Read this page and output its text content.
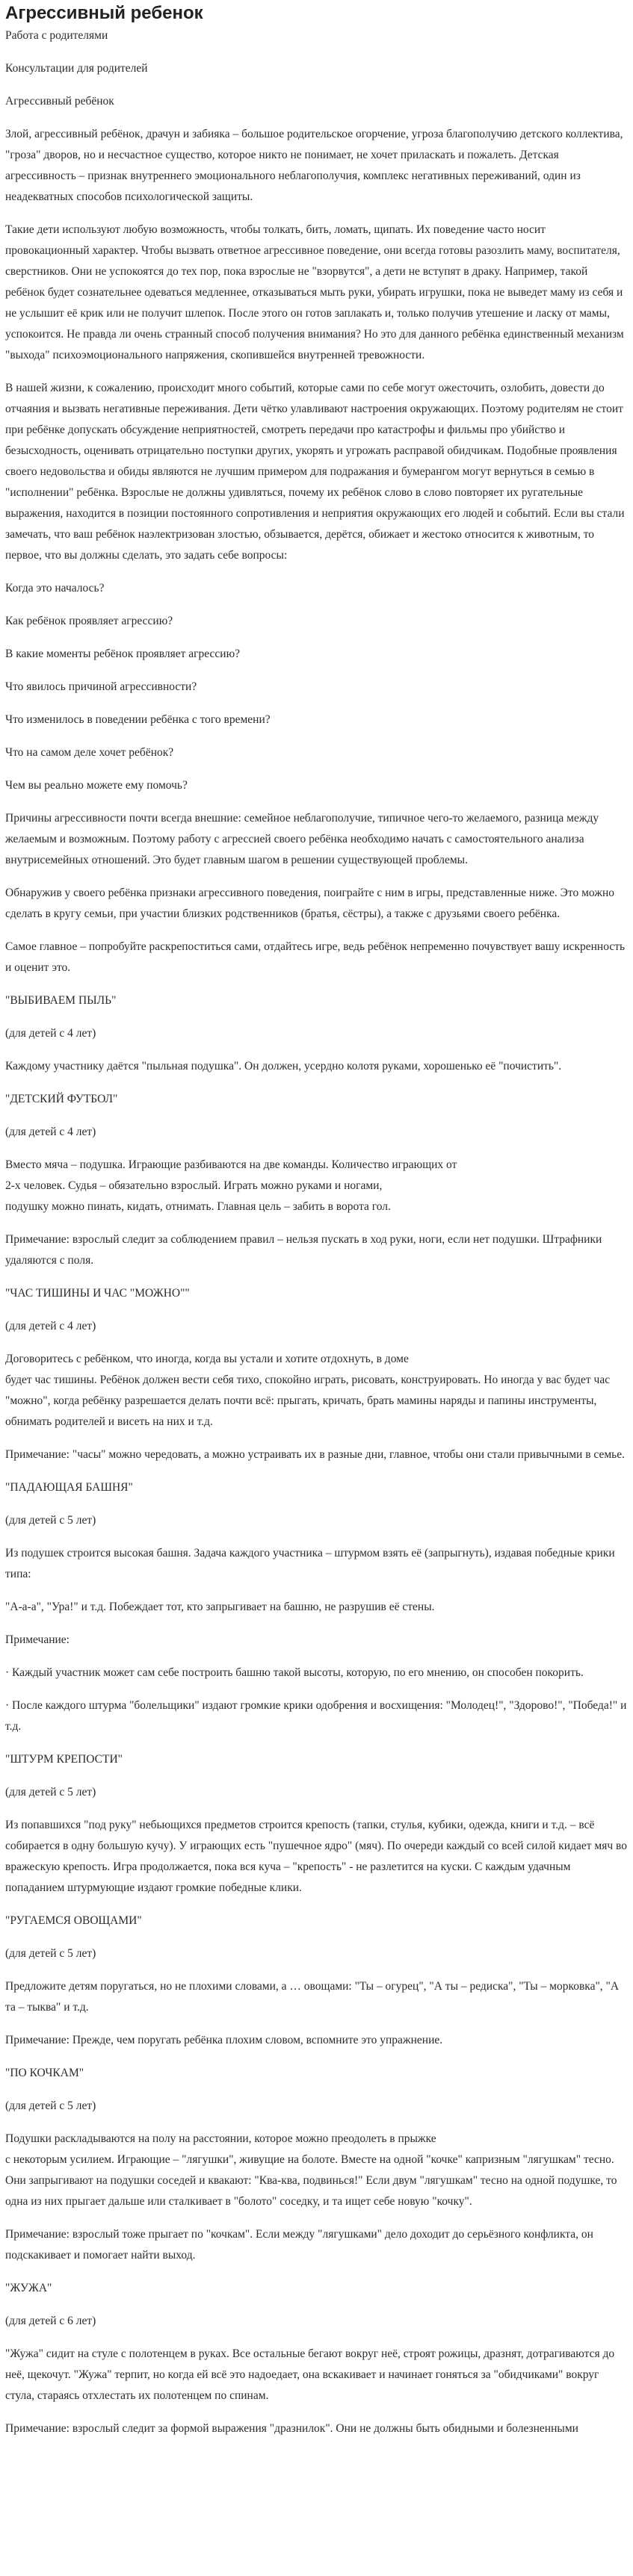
Агрессивный ребенок

Работа с родителями

Консультации для родителей

Агрессивный ребёнок

Злой, агрессивный ребёнок, драчун и забияка – большое родительское огорчение, угроза благополучию детского коллектива, "гроза" дворов, но и несчастное существо, которое никто не понимает, не хочет приласкать и пожалеть. Детская агрессивность – признак внутреннего эмоционального неблагополучия, комплекс негативных переживаний, один из неадекватных способов психологической защиты.

Такие дети используют любую возможность, чтобы толкать, бить, ломать, щипать. Их поведение часто носит провокационный характер. Чтобы вызвать ответное агрессивное поведение, они всегда готовы разозлить маму, воспитателя, сверстников. Они не успокоятся до тех пор, пока взрослые не "взорвутся", а дети не вступят в драку. Например, такой ребёнок будет сознательнее одеваться медленнее, отказываться мыть руки, убирать игрушки, пока не выведет маму из себя и не услышит её крик или не получит шлепок. После этого он готов заплакать и, только получив утешение и ласку от мамы, успокоится. Не правда ли очень странный способ получения внимания? Но это для данного ребёнка единственный механизм "выхода" психоэмоционального напряжения, скопившейся внутренней тревожности.

В нашей жизни, к сожалению, происходит много событий, которые сами по себе могут ожесточить, озлобить, довести до отчаяния и вызвать негативные переживания. Дети чётко улавливают настроения окружающих. Поэтому родителям не стоит при ребёнке допускать обсуждение неприятностей, смотреть передачи про катастрофы и фильмы про убийство и безысходность, оценивать отрицательно поступки других, укорять и угрожать расправой обидчикам. Подобные проявления своего недовольства и обиды являются не лучшим примером для подражания и бумерангом могут вернуться в семью в "исполнении" ребёнка. Взрослые не должны удивляться, почему их ребёнок слово в слово повторяет их ругательные выражения, находится в позиции постоянного сопротивления и неприятия окружающих его людей и событий. Если вы стали замечать, что ваш ребёнок наэлектризован злостью, обзывается, дерётся, обижает и жестоко относится к животным, то первое, что вы должны сделать, это задать себе вопросы:

Когда это началось?

Как ребёнок проявляет агрессию?

В какие моменты ребёнок проявляет агрессию?

Что явилось причиной агрессивности?

Что изменилось в поведении ребёнка с того времени?

Что на самом деле хочет ребёнок?

Чем вы реально можете ему помочь?

Причины агрессивности почти всегда внешние: семейное неблагополучие, типичное чего-то желаемого, разница между желаемым и возможным. Поэтому работу с агрессией своего ребёнка необходимо начать с самостоятельного анализа внутрисемейных отношений. Это будет главным шагом в решении существующей проблемы.

Обнаружив у своего ребёнка признаки агрессивного поведения, поиграйте с ним в игры, представленные ниже. Это можно сделать в кругу семьи, при участии близких родственников (братья, сёстры), а также с друзьями своего ребёнка.

Самое главное – попробуйте раскрепоститься сами, отдайтесь игре, ведь ребёнок непременно почувствует вашу искренность и оценит это.

"ВЫБИВАЕМ ПЫЛЬ"

(для детей с 4 лет)

Каждому участнику даётся "пыльная подушка". Он должен, усердно колотя руками, хорошенько её "почистить".

"ДЕТСКИЙ ФУТБОЛ"

(для детей с 4 лет)

Вместо мяча – подушка. Играющие разбиваются на две команды. Количество играющих от
2-х человек. Судья – обязательно взрослый. Играть можно руками и ногами,
подушку можно пинать, кидать, отнимать. Главная цель – забить в ворота гол.

Примечание: взрослый следит за соблюдением правил – нельзя пускать в ход руки, ноги, если нет подушки. Штрафники удаляются с поля.

"ЧАС ТИШИНЫ И ЧАС "МОЖНО""

(для детей с 4 лет)

Договоритесь с ребёнком, что иногда, когда вы устали и хотите отдохнуть, в доме
будет час тишины. Ребёнок должен вести себя тихо, спокойно играть, рисовать, конструировать. Но иногда у вас будет час "можно", когда ребёнку разрешается делать почти всё: прыгать, кричать, брать мамины наряды и папины инструменты, обнимать родителей и висеть на них и т.д.

Примечание: "часы" можно чередовать, а можно устраивать их в разные дни, главное, чтобы они стали привычными в семье.

"ПАДАЮЩАЯ БАШНЯ"

(для детей с 5 лет)

Из подушек строится высокая башня. Задача каждого участника – штурмом взять её (запрыгнуть), издавая победные крики типа:

"А-а-а", "Ура!" и т.д. Побеждает тот, кто запрыгивает на башню, не разрушив её стены.

Примечание:

· Каждый участник может сам себе построить башню такой высоты, которую, по его мнению, он способен покорить.

· После каждого штурма "болельщики" издают громкие крики одобрения и восхищения: "Молодец!", "Здорово!", "Победа!" и т.д.

"ШТУРМ КРЕПОСТИ"

(для детей с 5 лет)

Из попавшихся "под руку" небьющихся предметов строится крепость (тапки, стулья, кубики, одежда, книги и т.д. – всё собирается в одну большую кучу). У играющих есть "пушечное ядро" (мяч). По очереди каждый со всей силой кидает мяч во вражескую крепость. Игра продолжается, пока вся куча – "крепость" - не разлетится на куски. С каждым удачным попаданием штурмующие издают громкие победные клики.

"РУГАЕМСЯ ОВОЩАМИ"

(для детей с 5 лет)

Предложите детям поругаться, но не плохими словами, а … овощами: "Ты – огурец", "А ты – редиска", "Ты – морковка", "А та – тыква" и т.д.

Примечание: Прежде, чем поругать ребёнка плохим словом, вспомните это упражнение.

"ПО КОЧКАМ"

(для детей с 5 лет)

Подушки раскладываются на полу на расстоянии, которое можно преодолеть в прыжке
с некоторым усилием. Играющие – "лягушки", живущие на болоте. Вместе на одной "кочке" капризным "лягушкам" тесно. Они запрыгивают на подушки соседей и квакают: "Ква-ква, подвинься!" Если двум "лягушкам" тесно на одной подушке, то одна из них прыгает дальше или сталкивает в "болото" соседку, и та ищет себе новую "кочку".

Примечание: взрослый тоже прыгает по "кочкам". Если между "лягушками" дело доходит до серьёзного конфликта, он подскакивает и помогает найти выход.

"ЖУЖА"

(для детей с 6 лет)

"Жужа" сидит на стуле с полотенцем в руках. Все остальные бегают вокруг неё, строят рожицы, дразнят, дотрагиваются до неё, щекочут. "Жужа" терпит, но когда ей всё это надоедает, она вскакивает и начинает гоняться за "обидчиками" вокруг стула, стараясь отхлестать их полотенцем по спинам.

Примечание: взрослый следит за формой выражения "дразнилок". Они не должны быть обидными и болезненными
